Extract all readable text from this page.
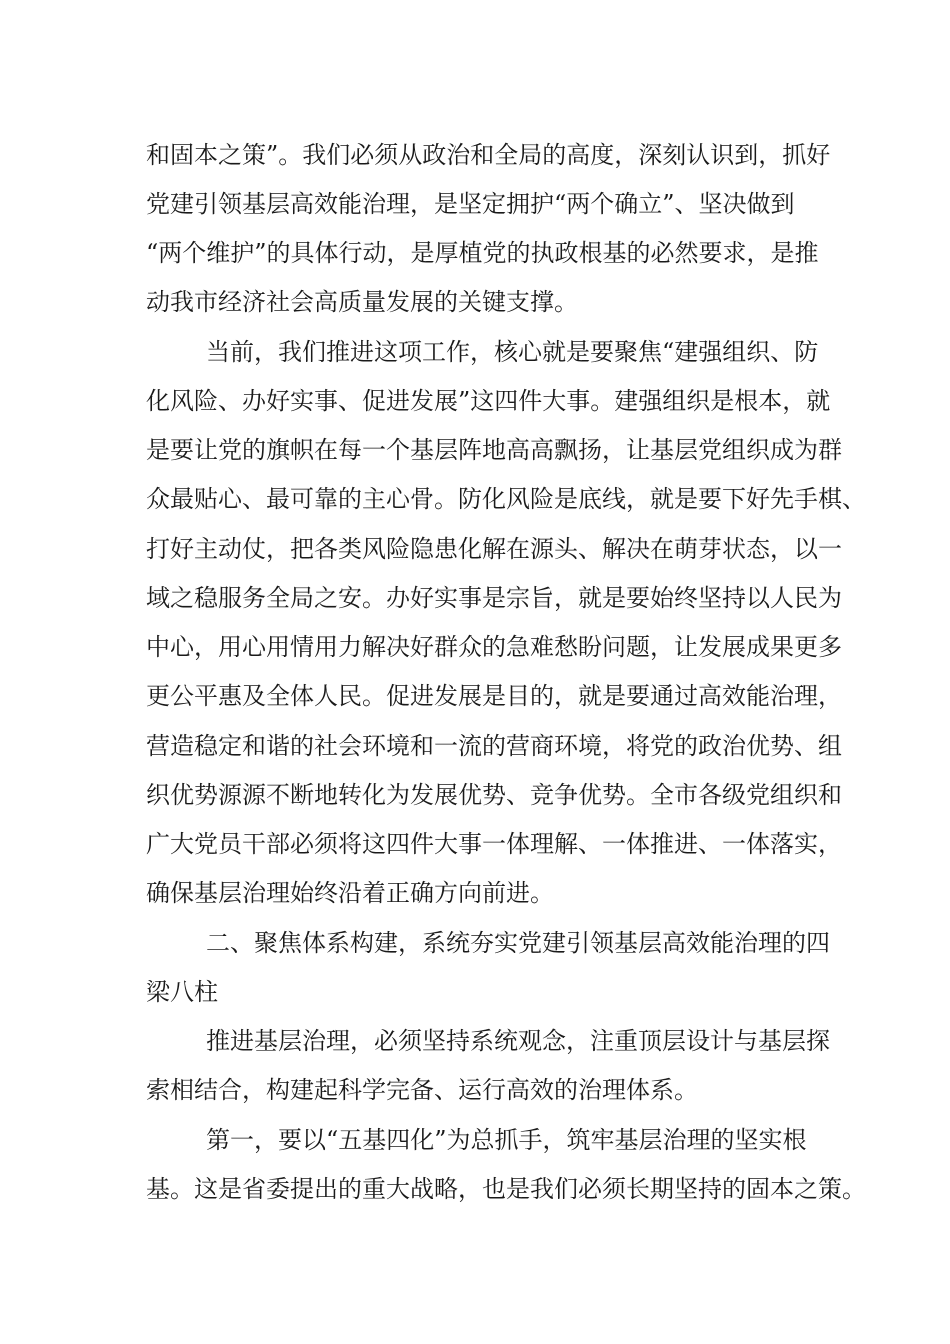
和固本之策”。我们必须从政治和全局的高度，深刻认识到，抓好
党建引领基层高效能治理，是坚定拥护“两个确立”、坚决做到
“两个维护”的具体行动，是厚植党的执政根基的必然要求，是推
动我市经济社会高质量发展的关键支撑。
当前，我们推进这项工作，核心就是要聚焦“建强组织、防
化风险、办好实事、促进发展”这四件大事。建强组织是根本，就
是要让党的旗帜在每一个基层阵地高高飘扬，让基层党组织成为群
众最贴心、最可靠的主心骨。防化风险是底线，就是要下好先手棋、
打好主动仗，把各类风险隐患化解在源头、解决在萌芽状态，以一
域之稳服务全局之安。办好实事是宗旨，就是要始终坚持以人民为
中心，用心用情用力解决好群众的急难愁盼问题，让发展成果更多
更公平惠及全体人民。促进发展是目的，就是要通过高效能治理，
营造稳定和谐的社会环境和一流的营商环境，将党的政治优势、组
织优势源源不断地转化为发展优势、竞争优势。全市各级党组织和
广大党员干部必须将这四件大事一体理解、一体推进、一体落实，
确保基层治理始终沿着正确方向前进。
二、聚焦体系构建，系统夯实党建引领基层高效能治理的四
梁八柱
推进基层治理，必须坚持系统观念，注重顶层设计与基层探
索相结合，构建起科学完备、运行高效的治理体系。
第一，要以“五基四化”为总抓手，筑牢基层治理的坚实根
基。这是省委提出的重大战略，也是我们必须长期坚持的固本之策。
